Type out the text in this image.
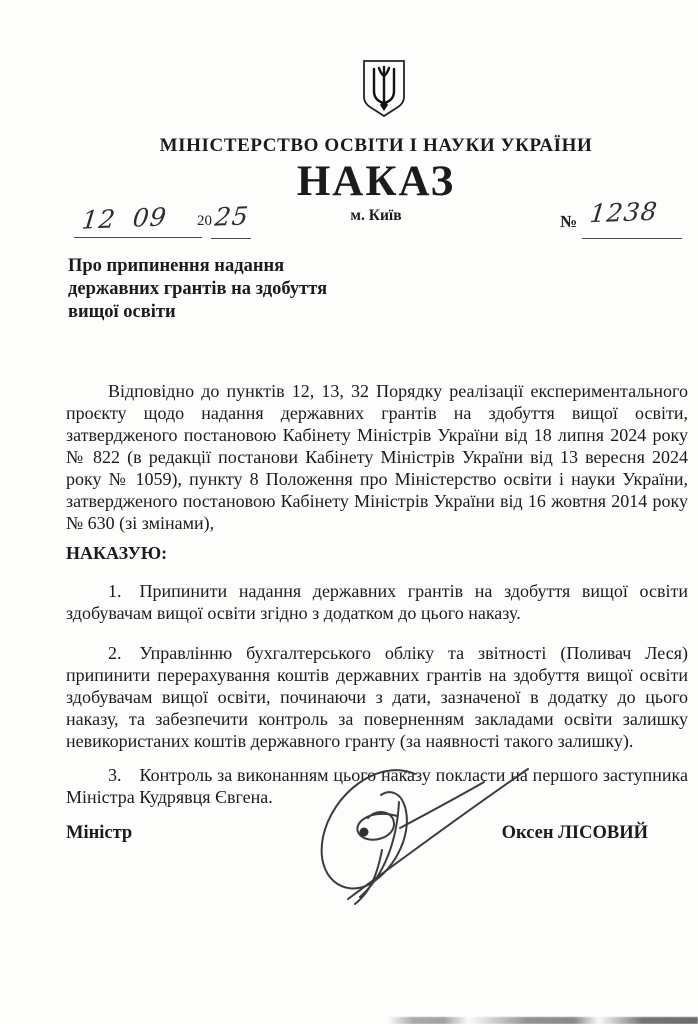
МІНІСТЕРСТВО ОСВІТИ І НАУКИ УКРАЇНИ
НАКАЗ
м. Київ
12 09 20 25	№ 1238
Про припинення надання
державних грантів на здобуття
вищої освіти

Відповідно до пунктів 12, 13, 32 Порядку реалізації експериментального проєкту щодо надання державних грантів на здобуття вищої освіти, затвердженого постановою Кабінету Міністрів України від 18 липня 2024 року № 822 (в редакції постанови Кабінету Міністрів України від 13 вересня 2024 року № 1059), пункту 8 Положення про Міністерство освіти і науки України, затвердженого постановою Кабінету Міністрів України від 16 жовтня 2014 року № 630 (зі змінами),

НАКАЗУЮ:

1. Припинити надання державних грантів на здобуття вищої освіти здобувачам вищої освіти згідно з додатком до цього наказу.

2. Управлінню бухгалтерського обліку та звітності (Поливач Леся) припинити перерахування коштів державних грантів на здобуття вищої освіти здобувачам вищої освіти, починаючи з дати, зазначеної в додатку до цього наказу, та забезпечити контроль за поверненням закладами освіти залишку невикористаних коштів державного гранту (за наявності такого залишку).

3. Контроль за виконанням цього наказу покласти на першого заступника Міністра Кудрявця Євгена.

Міністр	Оксен ЛІСОВИЙ
